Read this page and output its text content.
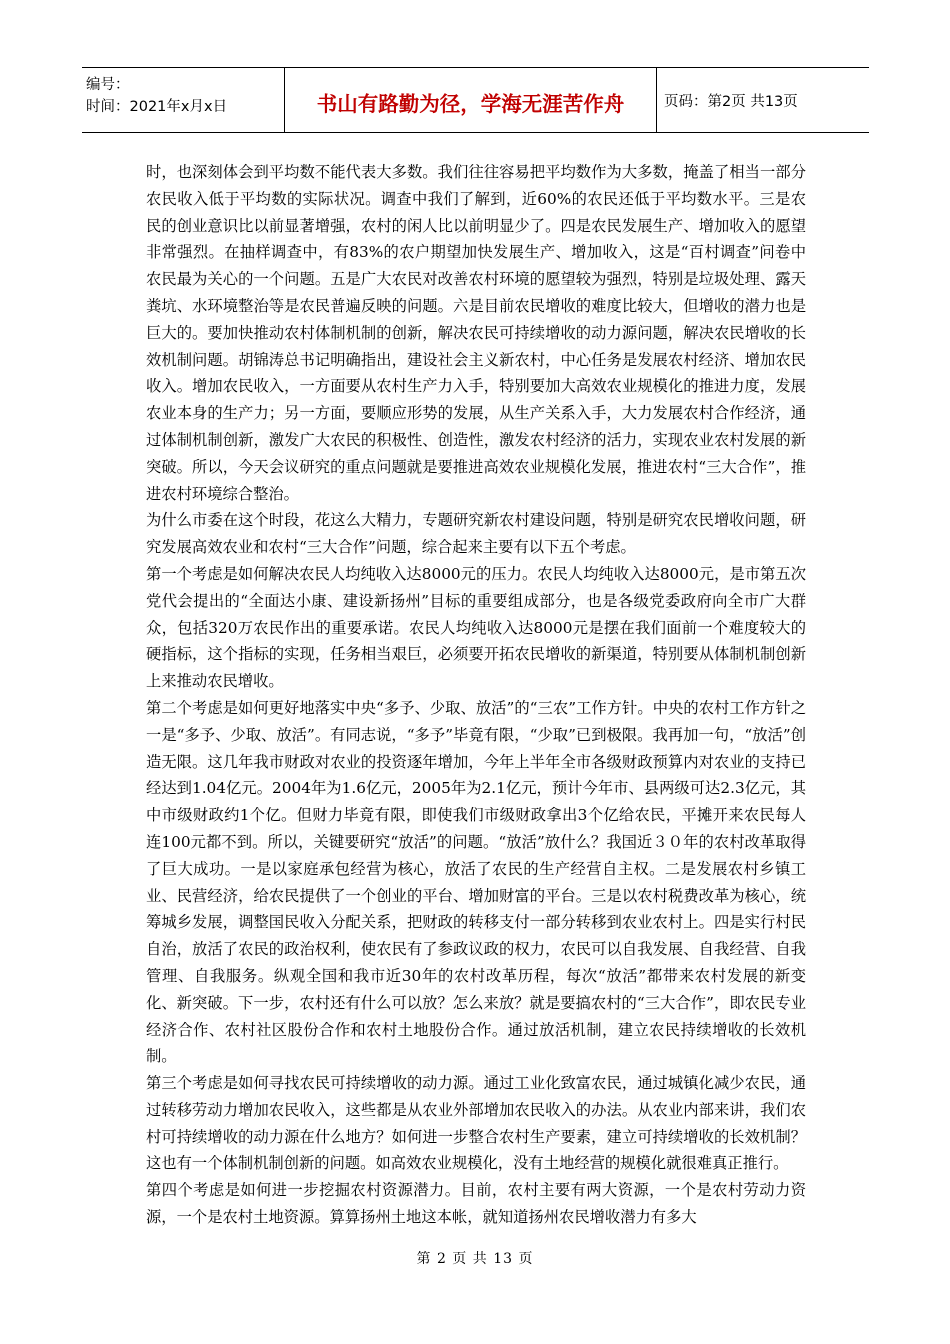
编号：
时间：2021年x月x日	书山有路勤为径，学海无涯苦作舟	页码：第2页 共13页

时，也深刻体会到平均数不能代表大多数。我们往往容易把平均数作为大多数，掩盖了相当一部分农民收入低于平均数的实际状况。调查中我们了解到，近60%的农民还低于平均数水平。三是农民的创业意识比以前显著增强，农村的闲人比以前明显少了。四是农民发展生产、增加收入的愿望非常强烈。在抽样调查中，有83%的农户期望加快发展生产、增加收入，这是“百村调查”问卷中农民最为关心的一个问题。五是广大农民对改善农村环境的愿望较为强烈，特别是垃圾处理、露天粪坑、水环境整治等是农民普遍反映的问题。六是目前农民增收的难度比较大，但增收的潜力也是巨大的。要加快推动农村体制机制的创新，解决农民可持续增收的动力源问题，解决农民增收的长效机制问题。胡锦涛总书记明确指出，建设社会主义新农村，中心任务是发展农村经济、增加农民收入。增加农民收入，一方面要从农村生产力入手，特别要加大高效农业规模化的推进力度，发展农业本身的生产力；另一方面，要顺应形势的发展，从生产关系入手，大力发展农村合作经济，通过体制机制创新，激发广大农民的积极性、创造性，激发农村经济的活力，实现农业农村发展的新突破。所以，今天会议研究的重点问题就是要推进高效农业规模化发展，推进农村“三大合作”，推进农村环境综合整治。

为什么市委在这个时段，花这么大精力，专题研究新农村建设问题，特别是研究农民增收问题，研究发展高效农业和农村“三大合作”问题，综合起来主要有以下五个考虑。

第一个考虑是如何解决农民人均纯收入达8000元的压力。农民人均纯收入达8000元，是市第五次党代会提出的“全面达小康、建设新扬州”目标的重要组成部分，也是各级党委政府向全市广大群众，包括320万农民作出的重要承诺。农民人均纯收入达8000元是摆在我们面前一个难度较大的硬指标，这个指标的实现，任务相当艰巨，必须要开拓农民增收的新渠道，特别要从体制机制创新上来推动农民增收。

第二个考虑是如何更好地落实中央“多予、少取、放活”的“三农”工作方针。中央的农村工作方针之一是“多予、少取、放活”。有同志说，“多予”毕竟有限，“少取”已到极限。我再加一句，“放活”创造无限。这几年我市财政对农业的投资逐年增加，今年上半年全市各级财政预算内对农业的支持已经达到1.04亿元。2004年为1.6亿元，2005年为2.1亿元，预计今年市、县两级可达2.3亿元，其中市级财政约1个亿。但财力毕竟有限，即使我们市级财政拿出3个亿给农民，平摊开来农民每人连100元都不到。所以，关键要研究“放活”的问题。“放活”放什么？我国近３０年的农村改革取得了巨大成功。一是以家庭承包经营为核心，放活了农民的生产经营自主权。二是发展农村乡镇工业、民营经济，给农民提供了一个创业的平台、增加财富的平台。三是以农村税费改革为核心，统筹城乡发展，调整国民收入分配关系，把财政的转移支付一部分转移到农业农村上。四是实行村民自治，放活了农民的政治权利，使农民有了参政议政的权力，农民可以自我发展、自我经营、自我管理、自我服务。纵观全国和我市近30年的农村改革历程，每次“放活”都带来农村发展的新变化、新突破。下一步，农村还有什么可以放？怎么来放？就是要搞农村的“三大合作”，即农民专业经济合作、农村社区股份合作和农村土地股份合作。通过放活机制，建立农民持续增收的长效机制。

第三个考虑是如何寻找农民可持续增收的动力源。通过工业化致富农民，通过城镇化减少农民，通过转移劳动力增加农民收入，这些都是从农业外部增加农民收入的办法。从农业内部来讲，我们农村可持续增收的动力源在什么地方？如何进一步整合农村生产要素，建立可持续增收的长效机制？这也有一个体制机制创新的问题。如高效农业规模化，没有土地经营的规模化就很难真正推行。

第四个考虑是如何进一步挖掘农村资源潜力。目前，农村主要有两大资源，一个是农村劳动力资源，一个是农村土地资源。算算扬州土地这本帐，就知道扬州农民增收潜力有多大

第 2 页 共 13 页
